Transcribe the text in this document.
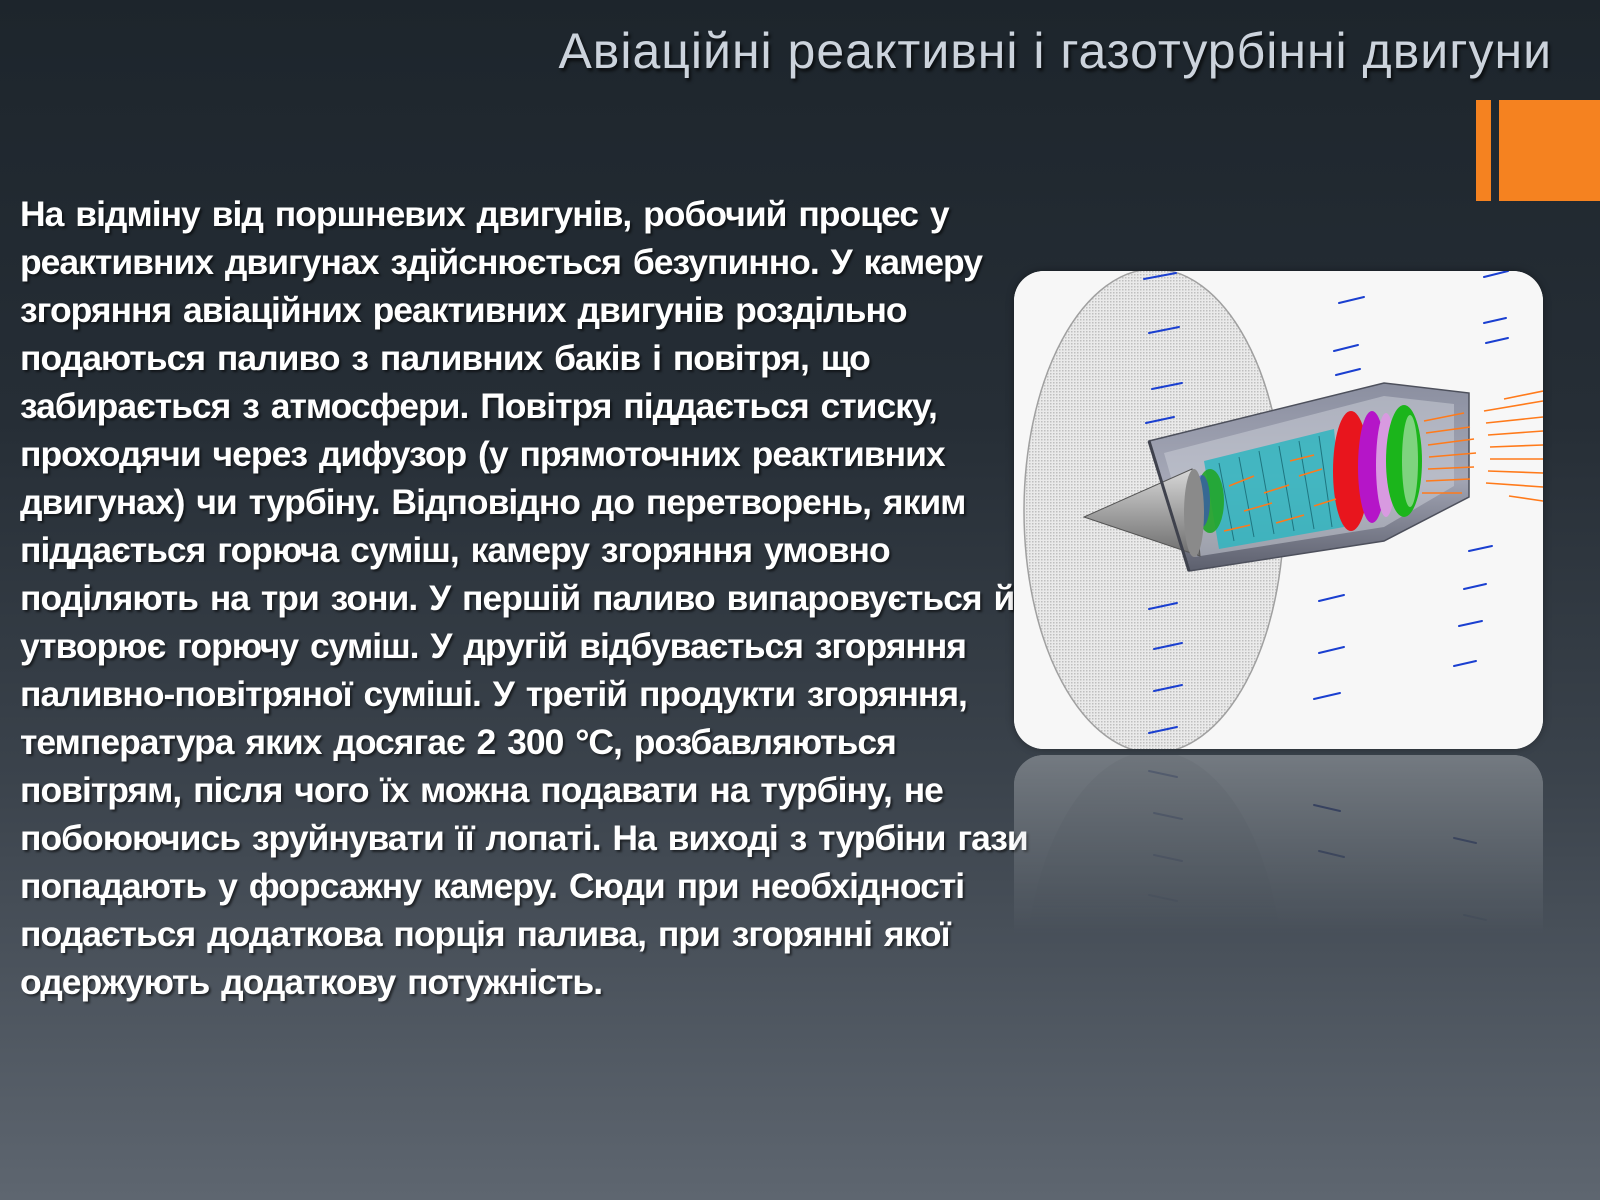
Авіаційні реактивні і газотурбінні двигуни

На відміну від поршневих двигунів, робочий процес у реактивних двигунах здійснюється безупинно. У камеру згоряння авіаційних реактивних двигунів роздільно подаються паливо з паливних баків і повітря, що забирається з атмосфери. Повітря піддається стиску, проходячи через дифузор (у прямоточних реактивних двигунах) чи турбіну. Відповідно до перетворень, яким піддається горюча суміш, камеру згоряння умовно поділяють на три зони. У першій паливо випаровується й утворює горючу суміш. У другій відбувається згоряння паливно-повітряної суміші. У третій продукти згоряння, температура яких досягає 2 300 °С, розбавляються повітрям, після чого їх можна подавати на турбіну, не побоюючись зруйнувати її лопаті. На виході з турбіни гази попадають у форсажну камеру. Сюди при необхідності подається додаткова порція палива, при згорянні якої одержують додаткову потужність.
